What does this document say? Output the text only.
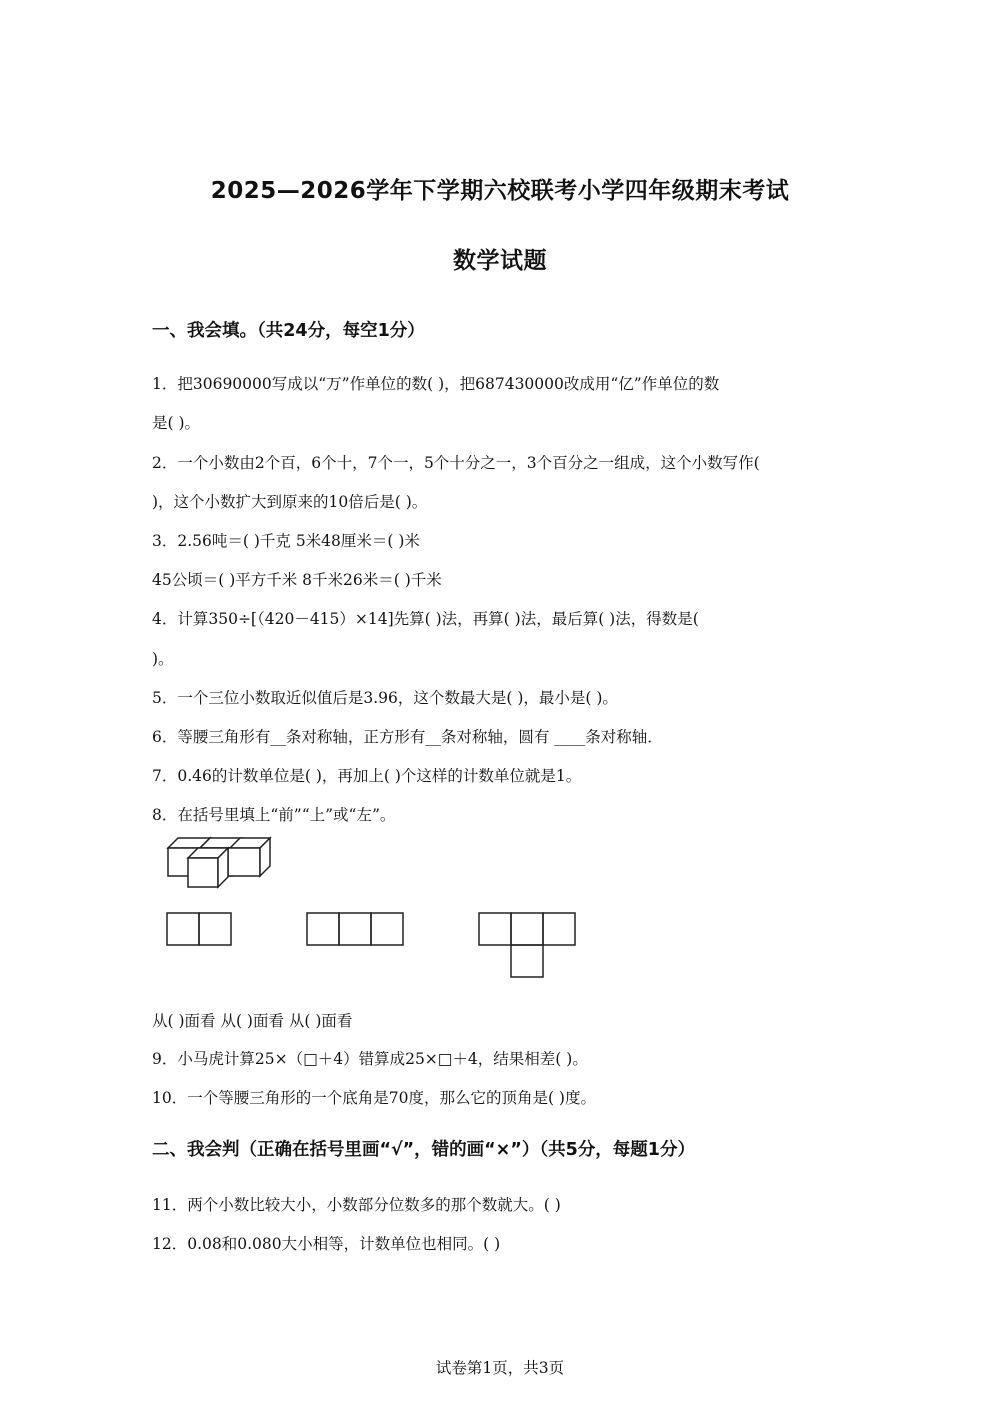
2025—2026学年下学期六校联考小学四年级期末考试
数学试题
一、我会填。（共24分，每空1分）
1．把30690000写成以“万”作单位的数( )，把687430000改成用“亿”作单位的数
是( )。
2．一个小数由2个百，6个十，7个一，5个十分之一，3个百分之一组成，这个小数写作(
)，这个小数扩大到原来的10倍后是( )。
3．2.56吨＝( )千克 5米48厘米＝( )米
45公顷＝( )平方千米 8千米26米＝( )千米
4．计算350÷[（420－415）×14]先算( )法，再算( )法，最后算( )法，得数是(
)。
5．一个三位小数取近似值后是3.96，这个数最大是( )，最小是( )。
6．等腰三角形有__条对称轴，正方形有__条对称轴，圆有 ____条对称轴．
7．0.46的计数单位是( )，再加上( )个这样的计数单位就是1。
8．在括号里填上“前”“上”或“左”。
从( )面看 从( )面看 从( )面看
9．小马虎计算25×（□＋4）错算成25×□＋4，结果相差( )。
10．一个等腰三角形的一个底角是70度，那么它的顶角是( )度。
二、我会判（正确在括号里画“√”，错的画“×”）（共5分，每题1分）
11．两个小数比较大小，小数部分位数多的那个数就大。( )
12．0.08和0.080大小相等，计数单位也相同。( )
试卷第1页，共3页
